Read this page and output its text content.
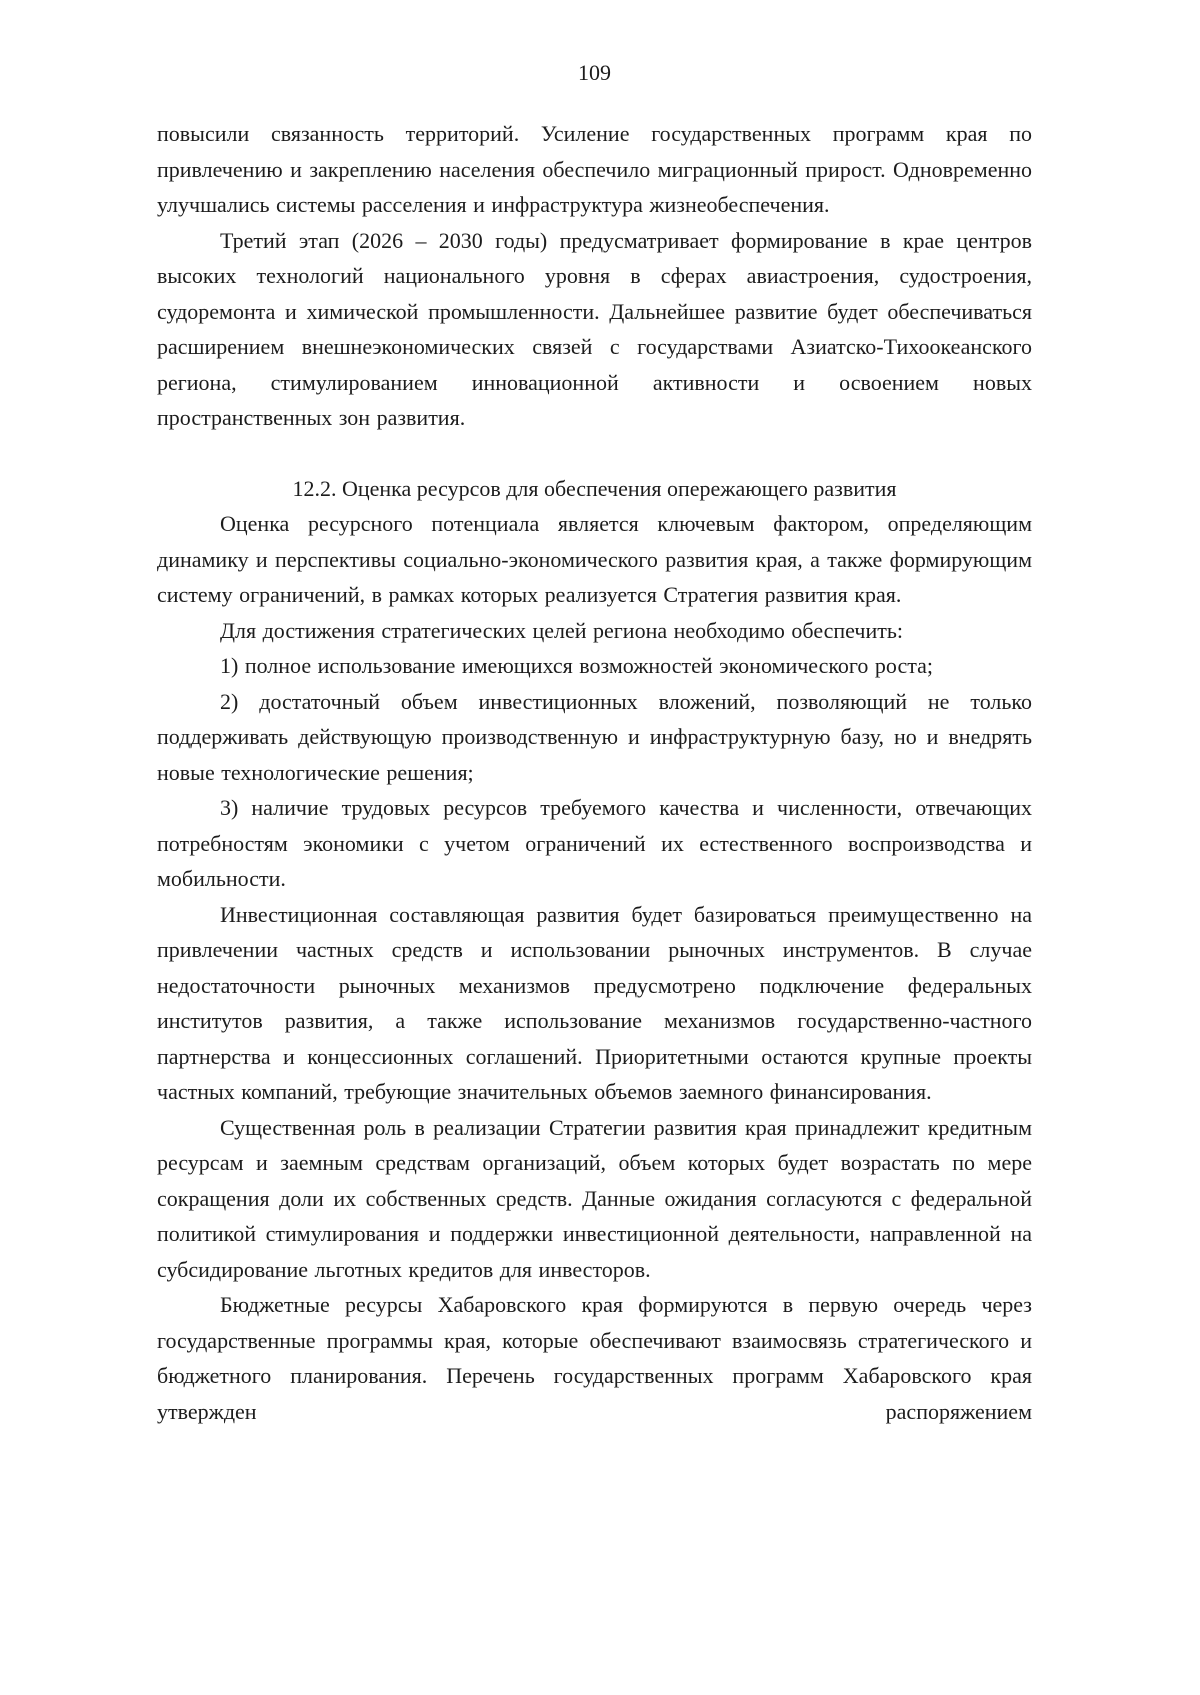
109

повысили связанность территорий. Усиление государственных программ края по привлечению и закреплению населения обеспечило миграционный прирост. Одновременно улучшались системы расселения и инфраструктура жизнеобеспечения.

Третий этап (2026 – 2030 годы) предусматривает формирование в крае центров высоких технологий национального уровня в сферах авиастроения, судостроения, судоремонта и химической промышленности. Дальнейшее развитие будет обеспечиваться расширением внешнеэкономических связей с государствами Азиатско-Тихоокеанского региона, стимулированием инновационной активности и освоением новых пространственных зон развития.

12.2. Оценка ресурсов для обеспечения опережающего развития

Оценка ресурсного потенциала является ключевым фактором, определяющим динамику и перспективы социально-экономического развития края, а также формирующим систему ограничений, в рамках которых реализуется Стратегия развития края.

Для достижения стратегических целей региона необходимо обеспечить:

1) полное использование имеющихся возможностей экономического роста;

2) достаточный объем инвестиционных вложений, позволяющий не только поддерживать действующую производственную и инфраструктурную базу, но и внедрять новые технологические решения;

3) наличие трудовых ресурсов требуемого качества и численности, отвечающих потребностям экономики с учетом ограничений их естественного воспроизводства и мобильности.

Инвестиционная составляющая развития будет базироваться преимущественно на привлечении частных средств и использовании рыночных инструментов. В случае недостаточности рыночных механизмов предусмотрено подключение федеральных институтов развития, а также использование механизмов государственно-частного партнерства и концессионных соглашений. Приоритетными остаются крупные проекты частных компаний, требующие значительных объемов заемного финансирования.

Существенная роль в реализации Стратегии развития края принадлежит кредитным ресурсам и заемным средствам организаций, объем которых будет возрастать по мере сокращения доли их собственных средств. Данные ожидания согласуются с федеральной политикой стимулирования и поддержки инвестиционной деятельности, направленной на субсидирование льготных кредитов для инвесторов.

Бюджетные ресурсы Хабаровского края формируются в первую очередь через государственные программы края, которые обеспечивают взаимосвязь стратегического и бюджетного планирования. Перечень государственных программ Хабаровского края утвержден распоряжением
